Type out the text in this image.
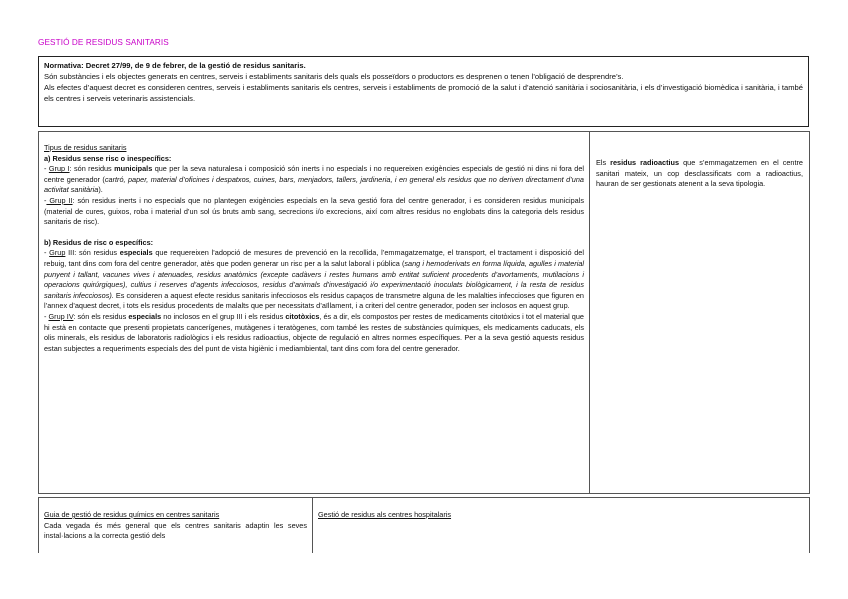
GESTIÓ DE RESIDUS SANITARIS
Normativa: Decret 27/99, de 9 de febrer, de la gestió de residus sanitaris.
Són substàncies i els objectes generats en centres, serveis i establiments sanitaris dels quals els posseïdors o productors es desprenen o tenen l’obligació de desprendre’s.
Als efectes d’aquest decret es consideren centres, serveis i establiments sanitaris els centres, serveis i establiments de promoció de la salut i d’atenció sanitària i sociosanitària, i els d’investigació biomèdica i sanitària, i també els centres i serveis veterinaris assistencials.
Tipus de residus sanitaris
a) Residus sense risc o inespecífics:
- Grup I: són residus municipals que per la seva naturalesa i composició són inerts i no especials i no requereixen exigències especials de gestió ni dins ni fora del centre generador (cartró, paper, material d’oficines i despatxos, cuines, bars, menjadors, tallers, jardineria, i en general els residus que no deriven directament d’una activitat sanitària).
- Grup II: són residus inerts i no especials que no plantegen exigències especials en la seva gestió fora del centre generador, i es consideren residus municipals (material de cures, guixos, roba i material d’un sol ús bruts amb sang, secrecions i/o excrecions, així com altres residus no englobats dins la categoria dels residus sanitaris de risc).
b) Residus de risc o específics:
- Grup III: són residus especials que requereixen l’adopció de mesures de prevenció en la recollida, l’emmagatzematge, el transport, el tractament i disposició del rebuig, tant dins com fora del centre generador, atès que poden generar un risc per a la salut laboral i pública (sang i hemoderivats en forma líquida, agulles i material punyent i tallant, vacunes vives i atenuades, residus anatòmics (excepte cadàvers i restes humans amb entitat suficient procedents d’avortaments, mutilacions i operacions quirúrgiques), cultius i reserves d’agents infecciosos, residus d’animals d’investigació i/o experimentació inoculats biològicament, i la resta de residus sanitaris infecciosos). Es consideren a aquest efecte residus sanitaris infecciosos els residus capaços de transmetre alguna de les malalties infeccioses que figuren en l’annex d’aquest decret, i tots els residus procedents de malalts que per necessitats d’aïllament, i a criteri del centre generador, poden ser inclosos en aquest grup.
- Grup IV: són els residus especials no inclosos en el grup III i els residus citotòxics, és a dir, els compostos per restes de medicaments citotòxics i tot el material que hi està en contacte que presenti propietats cancerígenes, mutàgenes i teratògenes, com també les restes de substàncies químiques, els medicaments caducats, els olis minerals, els residus de laboratoris radiològics i els residus radioactius, objecte de regulació en altres normes específiques. Per a la seva gestió aquests residus estan subjectes a requeriments especials des del punt de vista higiènic i mediambiental, tant dins com fora del centre generador.
Els residus radioactius que s’emmagatzemen en el centre sanitari mateix, un cop desclassificats com a radioactius, hauran de ser gestionats atenent a la seva tipologia.
Guia de gestió de residus químics en centres sanitaris
Cada vegada és més general que els centres sanitaris adaptin les seves instal·lacions a la correcta gestió dels
Gestió de residus als centres hospitalaris
